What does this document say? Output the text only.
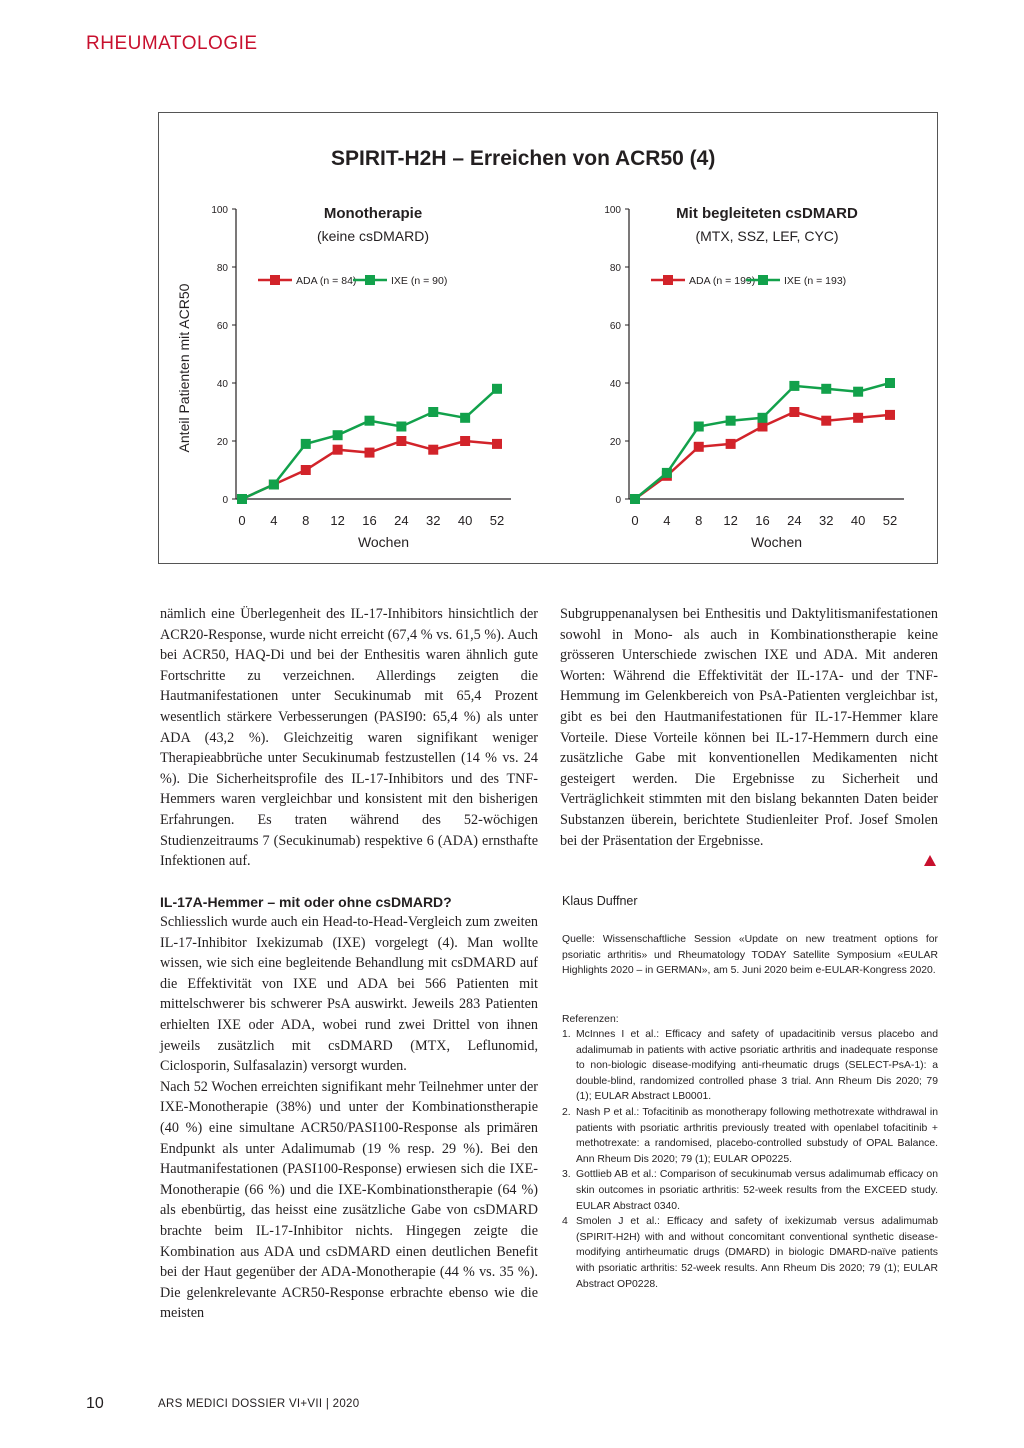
RHEUMATOLOGIE
SPIRIT-H2H – Erreichen von ACR50 (4)
Anteil Patienten mit ACR50
Monotherapie
(keine csDMARD)
0
20
40
60
80
100
0 4 8 12 16 24 32 40 52
Wochen
ADA (n = 84)	IXE (n = 90)
Mit begleiteten csDMARD
(MTX, SSZ, LEF, CYC)
0
20
40
60
80
100
0 4 8 12 16 24 32 40 52
Wochen
ADA (n = 199)	IXE (n = 193)

nämlich eine Überlegenheit des IL-17-Inhibitors hinsichtlich der ACR20-Response, wurde nicht erreicht (67,4 % vs. 61,5 %). Auch bei ACR50, HAQ-Di und bei der Enthesitis waren ähnlich gute Fortschritte zu verzeichnen. Allerdings zeigten die Hautmanifestationen unter Secukinumab mit 65,4 Prozent wesentlich stärkere Verbesserungen (PASI90: 65,4 %) als unter ADA (43,2 %). Gleichzeitig waren signifikant weniger Therapieabbrüche unter Secukinumab festzustellen (14 % vs. 24 %). Die Sicherheitsprofile des IL-17-Inhibitors und des TNF-Hemmers waren vergleichbar und konsistent mit den bisherigen Erfahrungen. Es traten während des 52-wöchigen Studienzeitraums 7 (Secukinumab) respektive 6 (ADA) ernsthafte Infektionen auf.

IL-17A-Hemmer – mit oder ohne csDMARD?

Schliesslich wurde auch ein Head-to-Head-Vergleich zum zweiten IL-17-Inhibitor Ixekizumab (IXE) vorgelegt (4). Man wollte wissen, wie sich eine begleitende Behandlung mit csDMARD auf die Effektivität von IXE und ADA bei 566 Patienten mit mittelschwerer bis schwerer PsA auswirkt. Jeweils 283 Patienten erhielten IXE oder ADA, wobei rund zwei Drittel von ihnen jeweils zusätzlich mit csDMARD (MTX, Leflunomid, Ciclosporin, Sulfasalazin) versorgt wurden.

Nach 52 Wochen erreichten signifikant mehr Teilnehmer unter der IXE-Monotherapie (38%) und unter der Kombinationstherapie (40 %) eine simultane ACR50/PASI100-Response als primären Endpunkt als unter Adalimumab (19 % resp. 29 %). Bei den Hautmanifestationen (PASI100-Response) erwiesen sich die IXE-Monotherapie (66 %) und die IXE-Kombinationstherapie (64 %) als ebenbürtig, das heisst eine zusätzliche Gabe von csDMARD brachte beim IL-17-Inhibitor nichts. Hingegen zeigte die Kombination aus ADA und csDMARD einen deutlichen Benefit bei der Haut gegenüber der ADA-Monotherapie (44 % vs. 35 %). Die gelenkrelevante ACR50-Response erbrachte ebenso wie die meisten

Subgruppenanalysen bei Enthesitis und Daktylitismanifestationen sowohl in Mono- als auch in Kombinationstherapie keine grösseren Unterschiede zwischen IXE und ADA. Mit anderen Worten: Während die Effektivität der IL-17A- und der TNF-Hemmung im Gelenkbereich von PsA-Patienten vergleichbar ist, gibt es bei den Hautmanifestationen für IL-17-Hemmer klare Vorteile. Diese Vorteile können bei IL-17-Hemmern durch eine zusätzliche Gabe mit konventionellen Medikamenten nicht gesteigert werden. Die Ergebnisse zu Sicherheit und Verträglichkeit stimmten mit den bislang bekannten Daten beider Substanzen überein, berichtete Studienleiter Prof. Josef Smolen bei der Präsentation der Ergebnisse.

Klaus Duffner
Quelle: Wissenschaftliche Session «Update on new treatment options for psoriatic arthritis» und Rheumatology TODAY Satellite Symposium «EULAR Highlights 2020 – in GERMAN», am 5. Juni 2020 beim e-EULAR-Kongress 2020.
Referenzen:
1. McInnes I et al.: Efficacy and safety of upadacitinib versus placebo and adalimumab in patients with active psoriatic arthritis and inadequate response to non-biologic disease-modifying anti-rheumatic drugs (SELECT-PsA-1): a double-blind, randomized controlled phase 3 trial. Ann Rheum Dis 2020; 79 (1); EULAR Abstract LB0001.
2. Nash P et al.: Tofacitinib as monotherapy following methotrexate withdrawal in patients with psoriatic arthritis previously treated with openlabel tofacitinib + methotrexate: a randomised, placebo-controlled substudy of OPAL Balance. Ann Rheum Dis 2020; 79 (1); EULAR OP0225.
3. Gottlieb AB et al.: Comparison of secukinumab versus adalimumab efficacy on skin outcomes in psoriatic arthritis: 52-week results from the EXCEED study. EULAR Abstract 0340.
4 Smolen J et al.: Efficacy and safety of ixekizumab versus adalimumab (SPIRIT-H2H) with and without concomitant conventional synthetic disease-modifying antirheumatic drugs (DMARD) in biologic DMARD-naïve patients with psoriatic arthritis: 52-week results. Ann Rheum Dis 2020; 79 (1); EULAR Abstract OP0228.
10	ARS MEDICI DOSSIER VI+VII | 2020
